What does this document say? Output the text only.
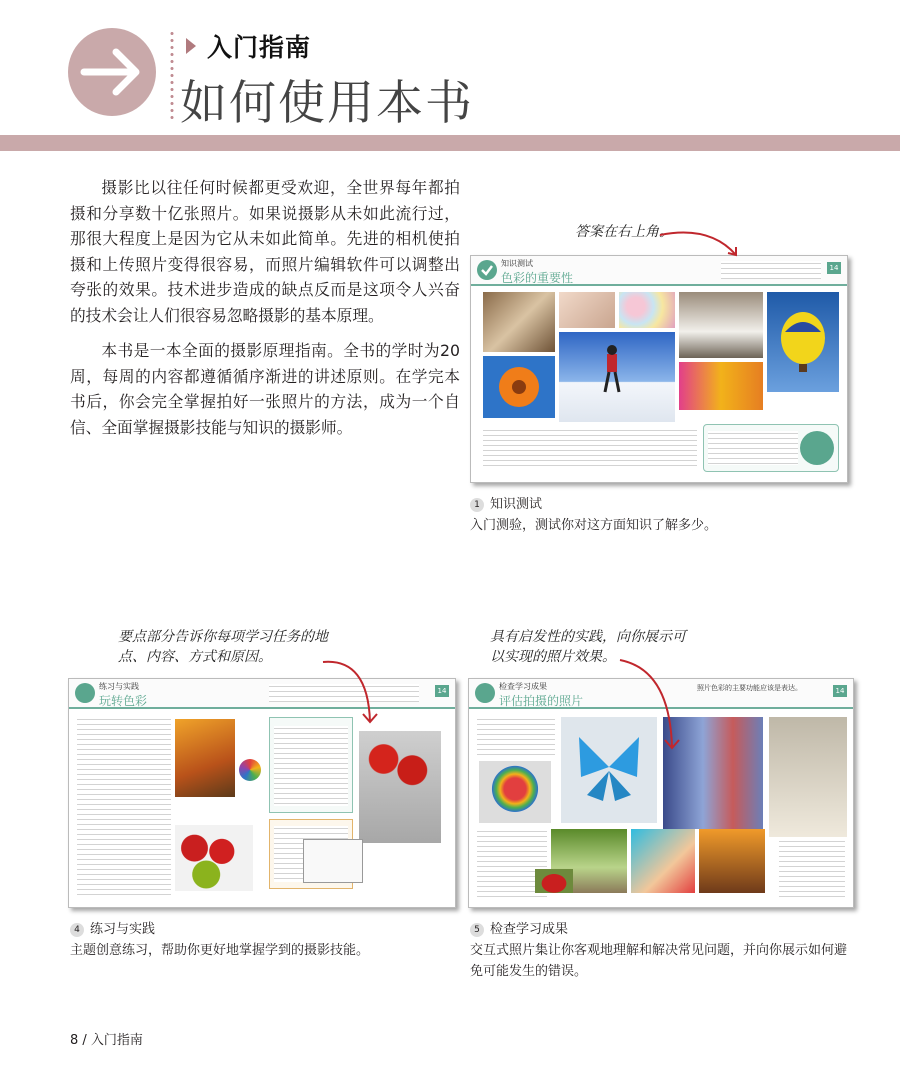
入门指南
如何使用本书

摄影比以往任何时候都更受欢迎，全世界每年都拍摄和分享数十亿张照片。如果说摄影从未如此流行过，那很大程度上是因为它从未如此简单。先进的相机使拍摄和上传照片变得很容易，而照片编辑软件可以调整出夸张的效果。技术进步造成的缺点反而是这项令人兴奋的技术会让人们很容易忽略摄影的基本原理。

本书是一本全面的摄影原理指南。全书的学时为20周，每周的内容都遵循循序渐进的讲述原则。在学完本书后，你会完全掌握拍好一张照片的方法，成为一个自信、全面掌握摄影技能与知识的摄影师。

答案在右上角。
要点部分告诉你每项学习任务的地
点、内容、方式和原因。
具有启发性的实践，向你展示可
以实现的照片效果。
知识测试
色彩的重要性
14
1 知识测试
入门测验，测试你对这方面知识了解多少。
练习与实践
玩转色彩
14
4 练习与实践
主题创意练习，帮助你更好地掌握学到的摄影技能。
检查学习成果
评估拍摄的照片
照片色彩的主要功能应该是表达。	14
5 检查学习成果
交互式照片集让你客观地理解和解决常见问题，并向你展示如何避免可能发生的错误。
8 / 入门指南
